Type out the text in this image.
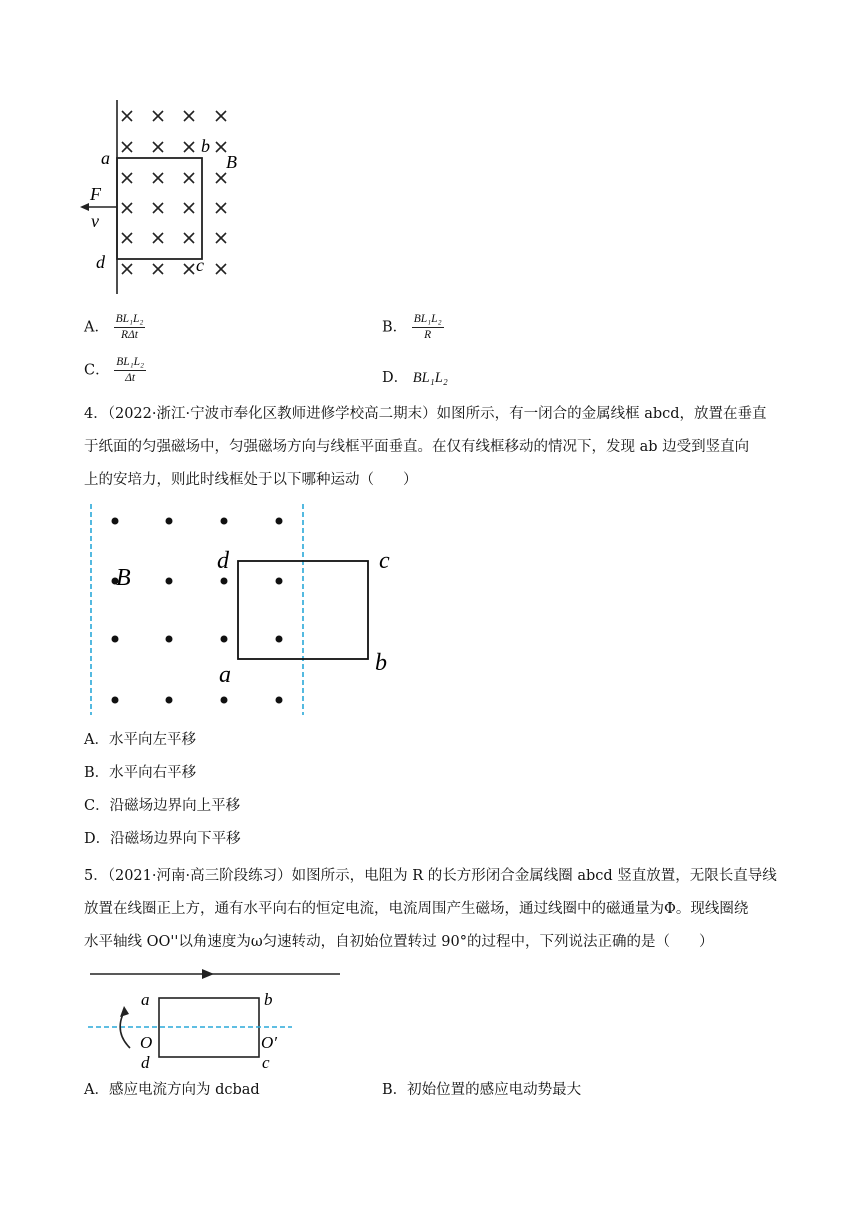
a
b
B
F
v
d	c
A． $\frac{\text{BL₁L₂}}{\text{RΔt}}$	B． $\frac{\text{BL₁L₂}}{R}$
C． $\frac{\text{BL₁L₂}}{\Delta t}$	D． BL₁L₂
4．（2022·浙江·宁波市奉化区教师进修学校高二期末）如图所示，有一闭合的金属线框 abcd，放置在垂直
于纸面的匀强磁场中，匀强磁场方向与线框平面垂直。在仅有线框移动的情况下，发现 ab 边受到竖直向
上的安培力，则此时线框处于以下哪种运动（　　）
B
d	c
a	b
A．水平向左平移
B．水平向右平移
C．沿磁场边界向上平移
D．沿磁场边界向下平移
5．（2021·河南·高三阶段练习）如图所示，电阻为 R 的长方形闭合金属线圈 abcd 竖直放置，无限长直导线
放置在线圈正上方，通有水平向右的恒定电流，电流周围产生磁场，通过线圈中的磁通量为Φ。现线圈绕
水平轴线 OO''以角速度为ω匀速转动，自初始位置转过 90°的过程中，下列说法正确的是（　　）
a	b
O	O′
d	c
A．感应电流方向为 dcbad	B．初始位置的感应电动势最大
